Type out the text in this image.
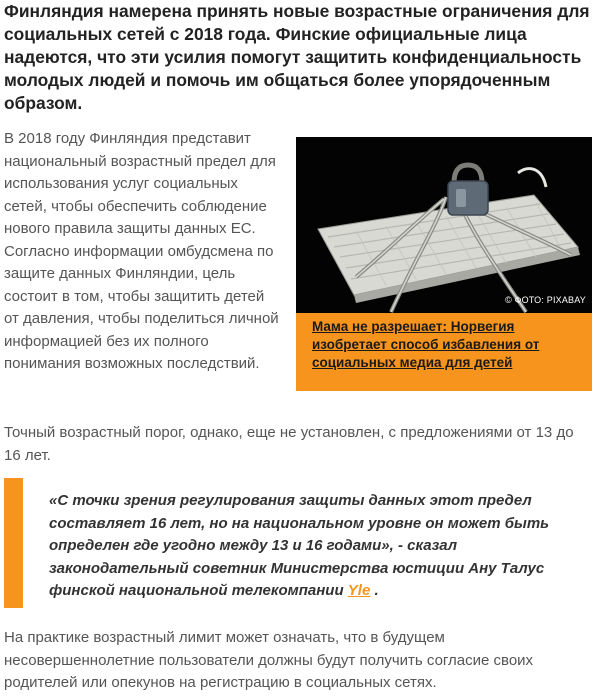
Финляндия намерена принять новые возрастные ограничения для социальных сетей с 2018 года. Финские официальные лица надеются, что эти усилия помогут защитить конфиденциальность молодых людей и помочь им общаться более упорядоченным образом.

В 2018 году Финляндия представит национальный возрастный предел для использования услуг социальных сетей, чтобы обеспечить соблюдение нового правила защиты данных ЕС. Согласно информации омбудсмена по защите данных Финляндии, цель состоит в том, чтобы защитить детей от давления, чтобы поделиться личной информацией без их полного понимания возможных последствий.

© ФОТО: PIXABAY

Мама не разрешает: Норвегия изобретает способ избавления от социальных медиа для детей

Точный возрастный порог, однако, еще не установлен, с предложениями от 13 до 16 лет.

«С точки зрения регулирования защиты данных этот предел составляет 16 лет, но на национальном уровне он может быть определен где угодно между 13 и 16 годами», - сказал законодательный советник Министерства юстиции Ану Талус финской национальной телекомпании Yle .

На практике возрастный лимит может означать, что в будущем несовершеннолетние пользователи должны будут получить согласие своих родителей или опекунов на регистрацию в социальных сетях.
